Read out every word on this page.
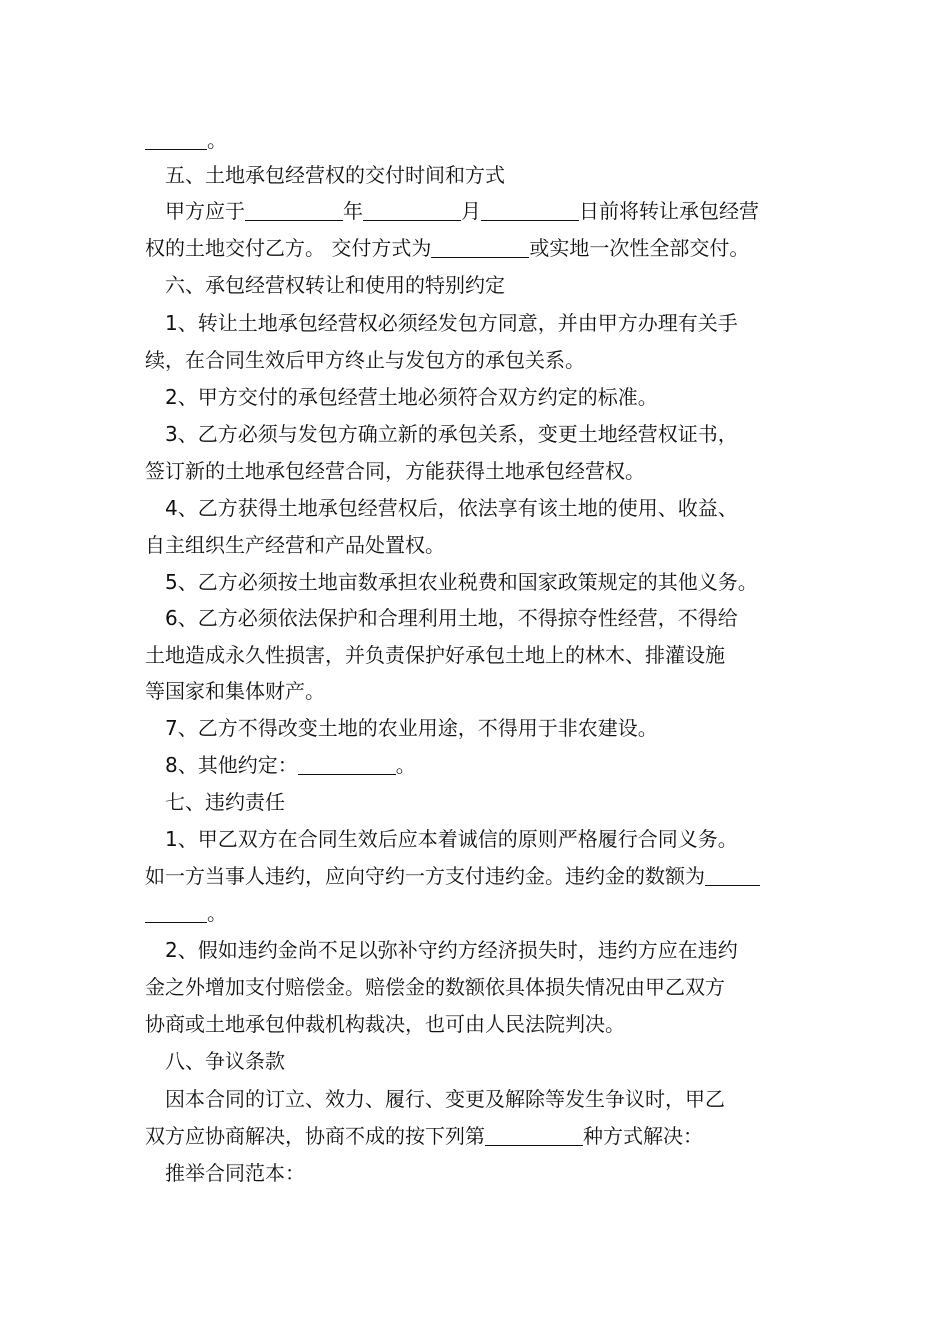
。
五、土地承包经营权的交付时间和方式
甲方应于	年	月	日前将转让承包经营
权的土地交付乙方。 交付方式为	或实地一次性全部交付。
六、承包经营权转让和使用的特别约定
1、转让土地承包经营权必须经发包方同意，并由甲方办理有关手
续，在合同生效后甲方终止与发包方的承包关系。
2、甲方交付的承包经营土地必须符合双方约定的标准。
3、乙方必须与发包方确立新的承包关系，变更土地经营权证书，
签订新的土地承包经营合同，方能获得土地承包经营权。
4、乙方获得土地承包经营权后，依法享有该土地的使用、收益、
自主组织生产经营和产品处置权。
5、乙方必须按土地亩数承担农业税费和国家政策规定的其他义务。
6、乙方必须依法保护和合理利用土地，不得掠夺性经营，不得给
土地造成永久性损害，并负责保护好承包土地上的林木、排灌设施
等国家和集体财产。
7、乙方不得改变土地的农业用途，不得用于非农建设。
8、其他约定：	。
七、违约责任
1、甲乙双方在合同生效后应本着诚信的原则严格履行合同义务。
如一方当事人违约，应向守约一方支付违约金。违约金的数额为
。
2、假如违约金尚不足以弥补守约方经济损失时，违约方应在违约
金之外增加支付赔偿金。赔偿金的数额依具体损失情况由甲乙双方
协商或土地承包仲裁机构裁决，也可由人民法院判决。
八、争议条款
因本合同的订立、效力、履行、变更及解除等发生争议时，甲乙
双方应协商解决，协商不成的按下列第	种方式解决：
推举合同范本：
